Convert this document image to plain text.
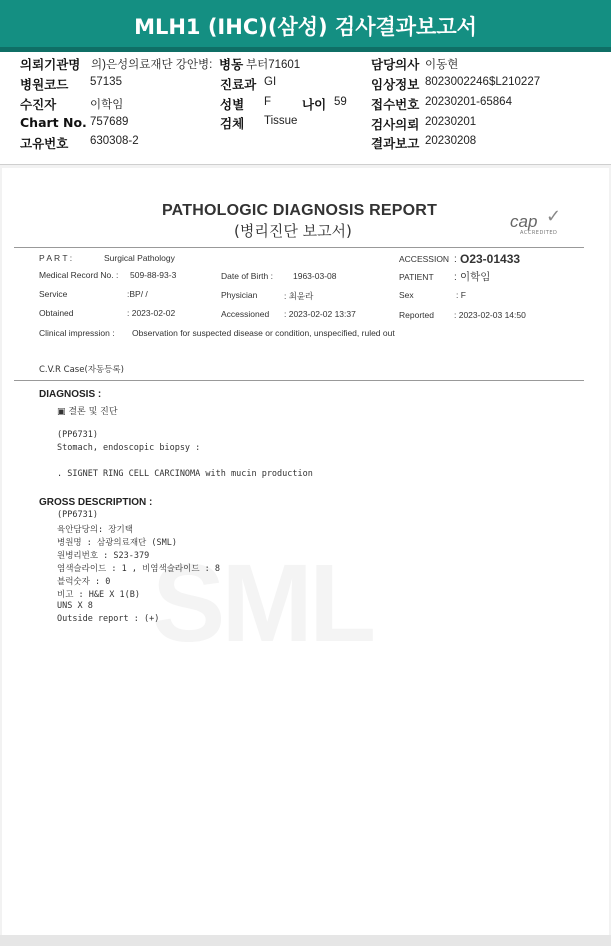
MLH1 (IHC)(삼성) 검사결과보고서
의뢰기관명 의)은성의료재단 강안병: 병동 부터71601	담당의사 이동현
병원코드 57135	진료과 GI	임상정보 8023002246$L210227
수진자	이학임	성별 F 나이 59 접수번호 20230201-65864
Chart No. 757689	검체 Tissue	검사의뢰 20230201
고유번호 630308-2	결과보고 20230208
PATHOLOGIC DIAGNOSIS REPORT
(병리진단 보고서)	cap ✓
ACCREDITED
P A R T :	Surgical Pathology	ACCESSION : O23-01433
Medical Record No. : 509-88-93-3	Date of Birth : 1963-03-08	PATIENT : 이학임
Service	:BP/ /	Physician	: 최윤라	Sex	: F
Obtained	: 2023-02-02	Accessioned : 2023-02-02 13:37	Reported : 2023-02-03 14:50
Clinical impression : Observation for suspected disease or condition, unspecified, ruled out
C.V.R Case(자동등록)
DIAGNOSIS :
▣ 결론 및 진단
(PP6731)
Stomach, endoscopic biopsy :
. SIGNET RING CELL CARCINOMA with mucin production
GROSS DESCRIPTION :
(PP6731)
육안담당의: 장기택
병원명 : 삼광의료재단 (SML)
원병리번호 : S23-379
염색슬라이드 : 1 , 비염색슬라이드 : 8
블럭숫자 : 0
비고 : H&E X 1(B)
UNS X 8
Outside report : (+)
